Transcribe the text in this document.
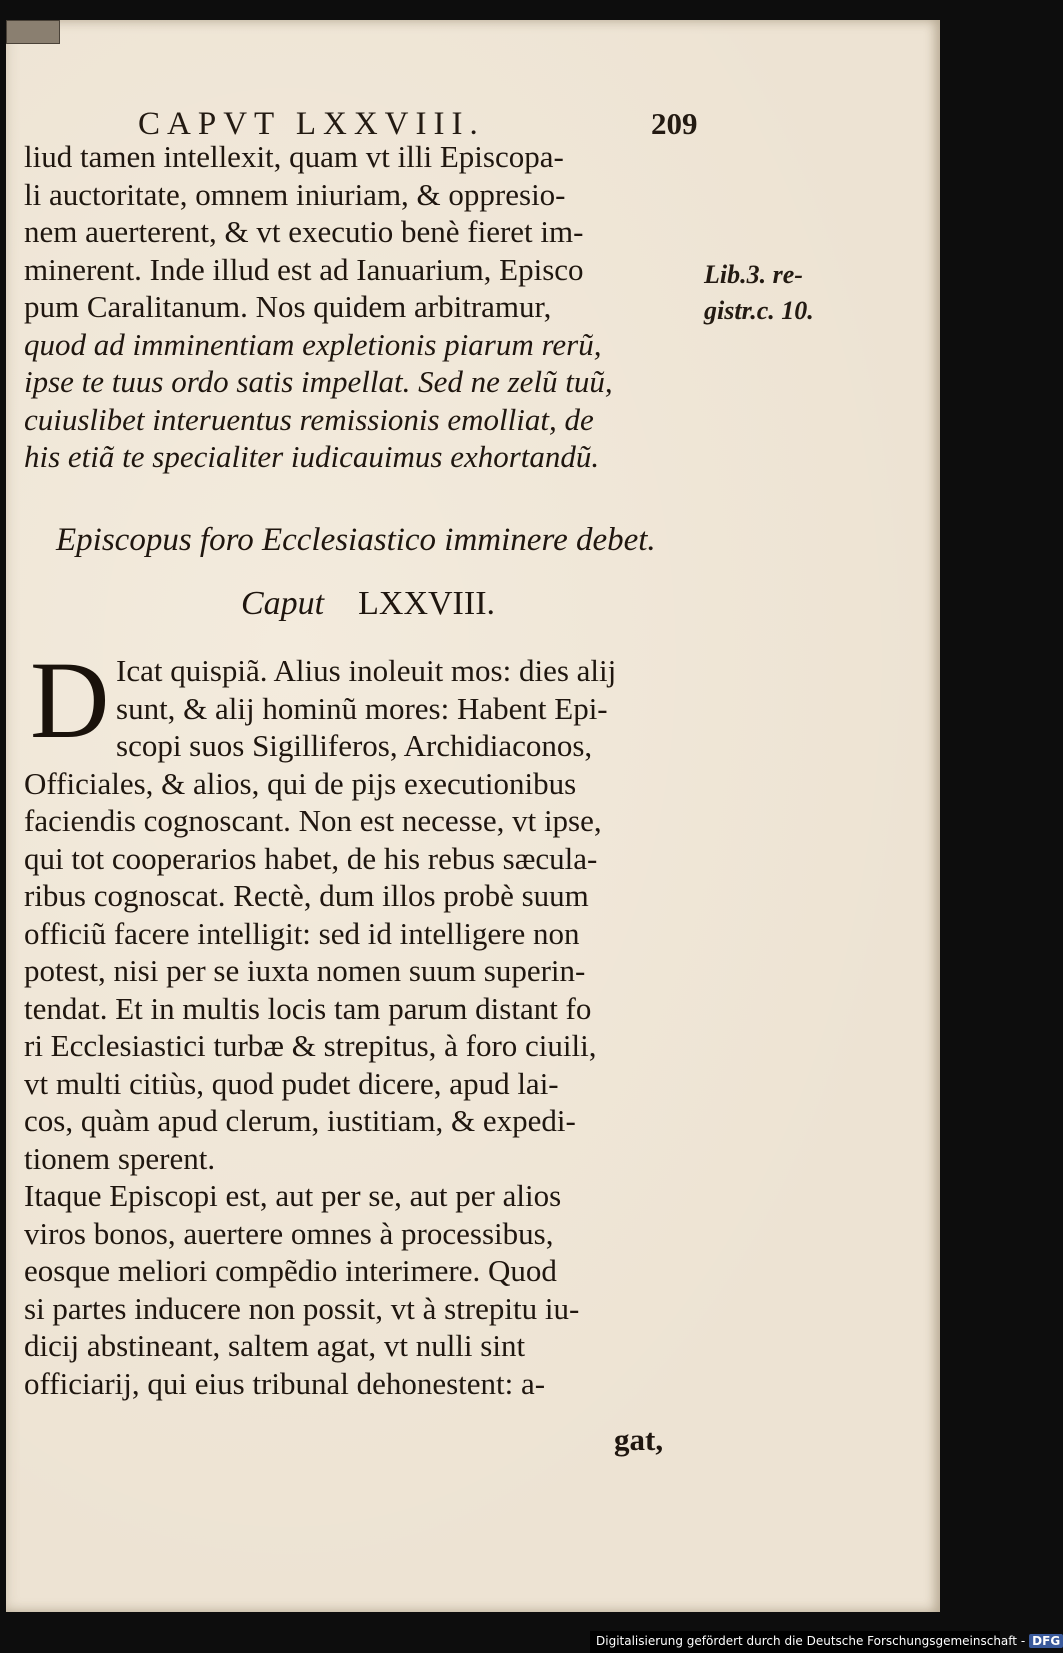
CAPVT LXXVIII.	209
liud tamen intellexit, quam vt illi Episcopa-
li auctoritate, omnem iniuriam, & oppresio-
nem auerterent, & vt executio benè fieret im-
minerent. Inde illud est ad Ianuarium, Episco
pum Caralitanum. Nos quidem arbitramur,
quod ad imminentiam expletionis piarum rerũ,
ipse te tuus ordo satis impellat. Sed ne zelũ tuũ,
cuiuslibet interuentus remissionis emolliat, de
his etiã te specialiter iudicauimus exhortandũ.
Lib.3. re-
gistr.c. 10.
Episcopus foro Ecclesiastico imminere debet.
Caput LXXVIII.
D Icat quispiã. Alius inoleuit mos: dies alij
sunt, & alij hominũ mores: Habent Epi-
scopi suos Sigilliferos, Archidiaconos,
Officiales, & alios, qui de pijs executionibus
faciendis cognoscant. Non est necesse, vt ipse,
qui tot cooperarios habet, de his rebus sæcula-
ribus cognoscat. Rectè, dum illos probè suum
officiũ facere intelligit: sed id intelligere non
potest, nisi per se iuxta nomen suum superin-
tendat. Et in multis locis tam parum distant fo
ri Ecclesiastici turbæ & strepitus, à foro ciuili,
vt multi citiùs, quod pudet dicere, apud lai-
cos, quàm apud clerum, iustitiam, & expedi-
tionem sperent.
Itaque Episcopi est, aut per se, aut per alios
viros bonos, auertere omnes à processibus,
eosque meliori compẽdio interimere. Quod
si partes inducere non possit, vt à strepitu iu-
dicij abstineant, saltem agat, vt nulli sint
officiarij, qui eius tribunal dehonestent: a-
gat,
Digitalisierung gefördert durch die Deutsche Forschungsgemeinschaft - DFG
